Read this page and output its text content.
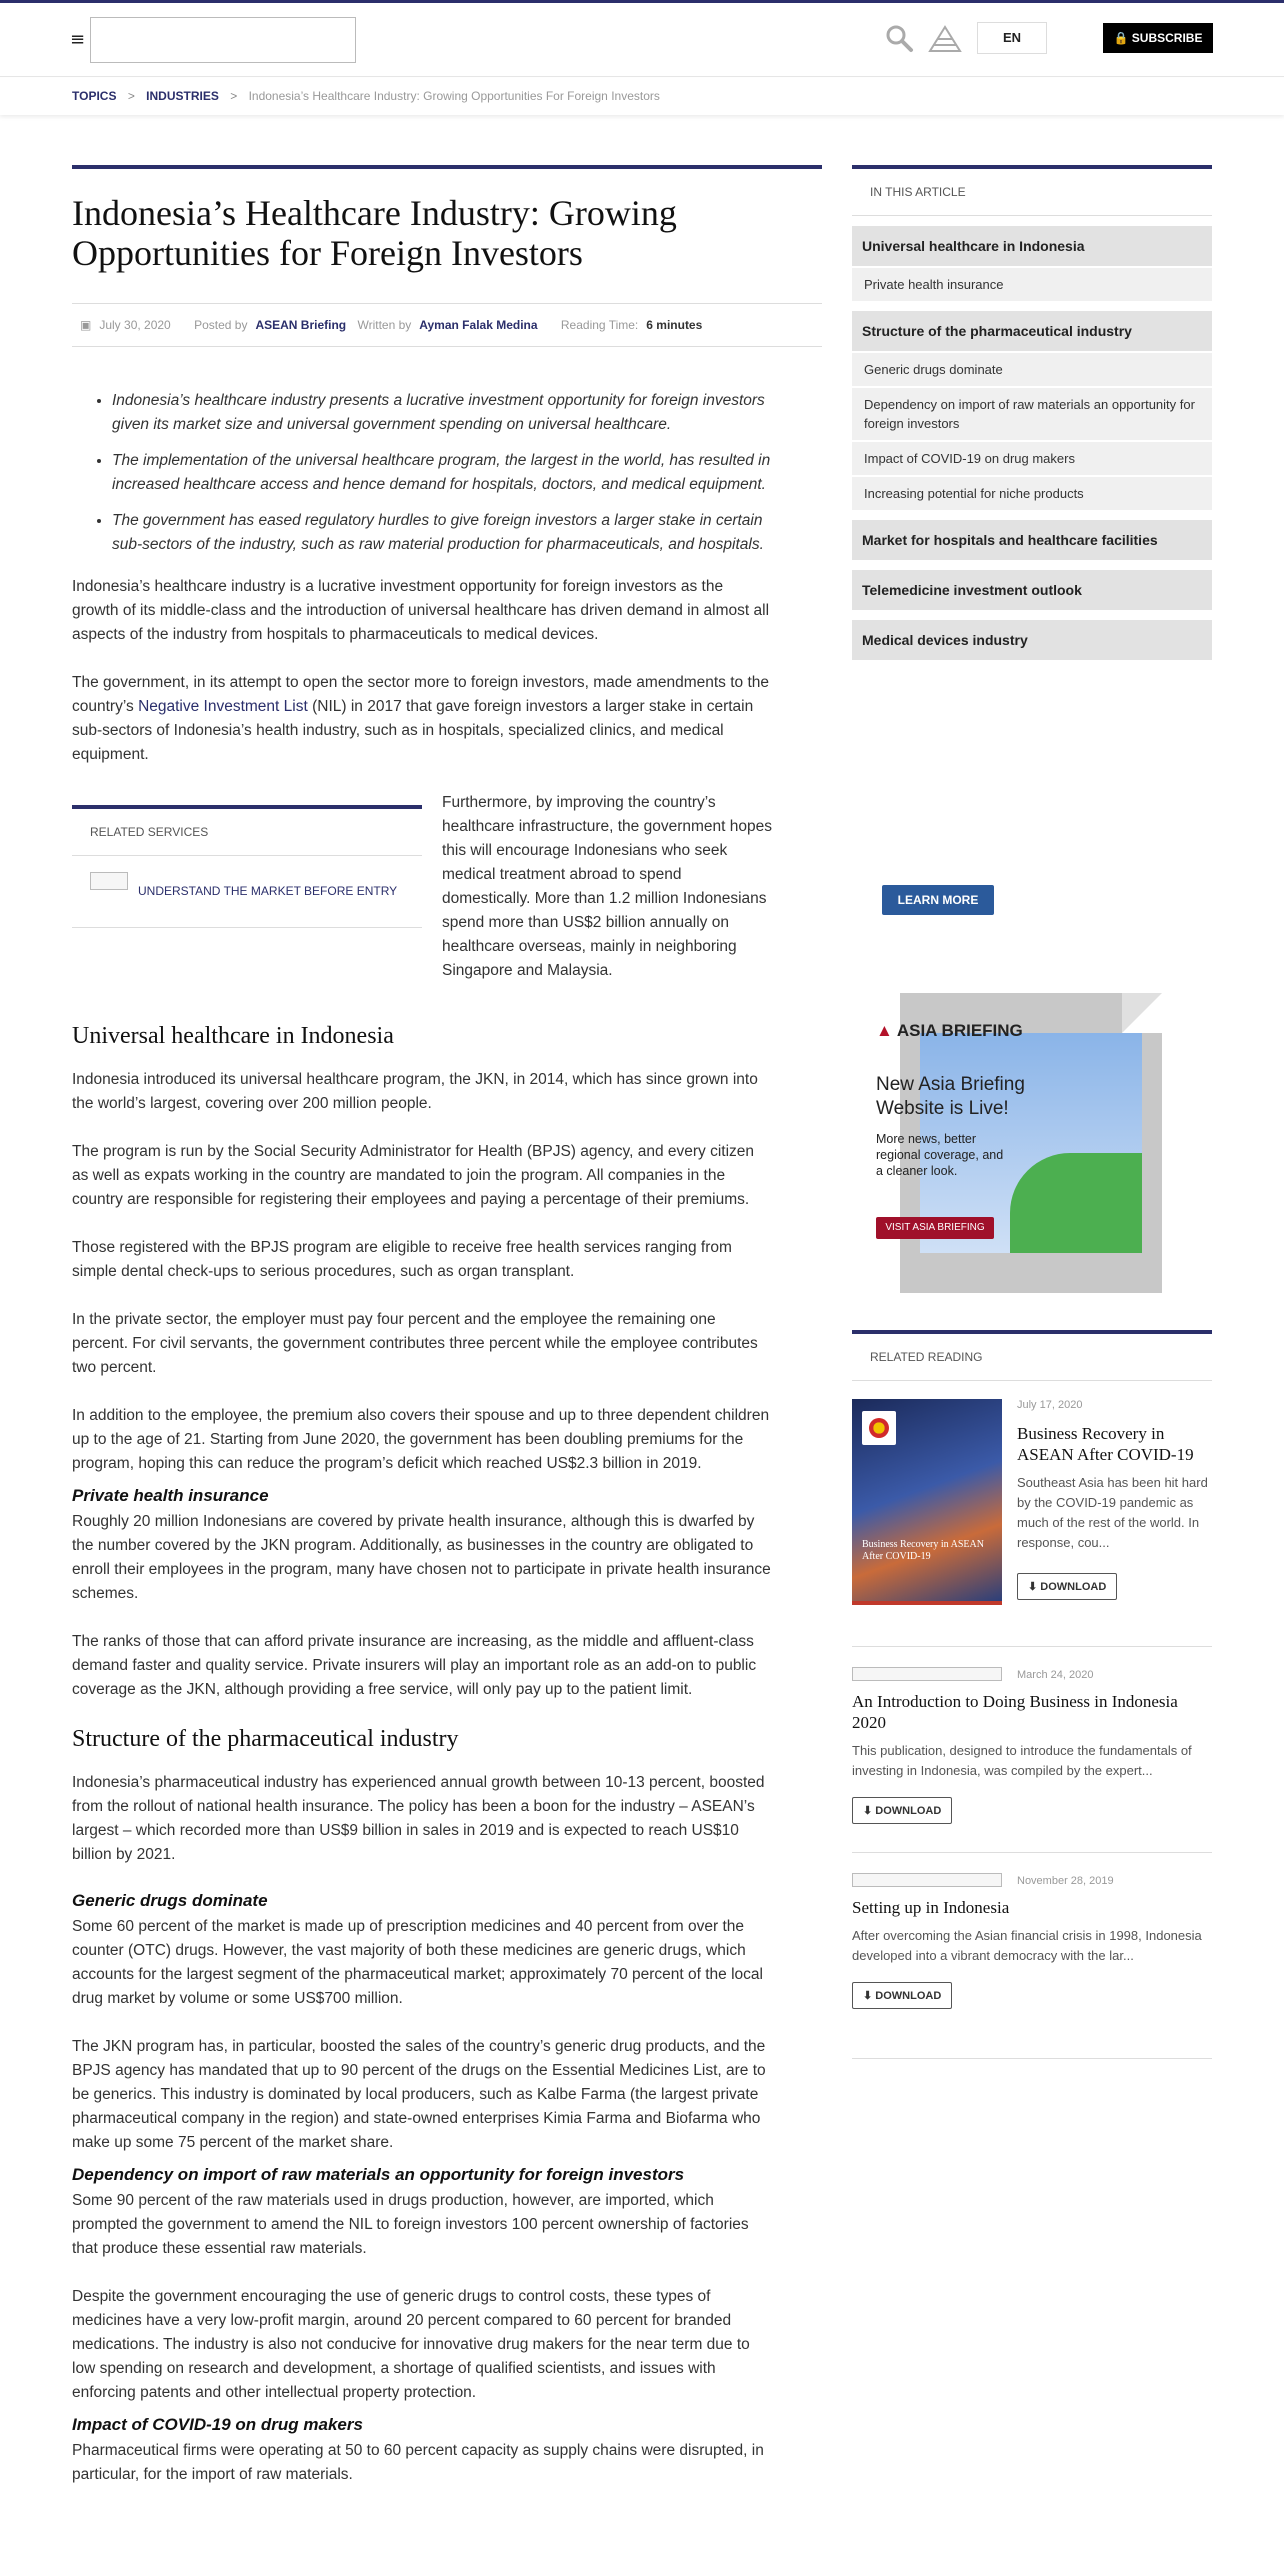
≡	EN	🔒 SUBSCRIBE
TOPICS > INDUSTRIES > Indonesia’s Healthcare Industry: Growing Opportunities For Foreign Investors
Indonesia’s Healthcare Industry: Growing Opportunities for Foreign Investors
▣ July 30, 2020 Posted by ASEAN Briefing Written by Ayman Falak Medina Reading Time: 6 minutes
• Indonesia’s healthcare industry presents a lucrative investment opportunity for foreign investors given its market size and universal government spending on universal healthcare.
• The implementation of the universal healthcare program, the largest in the world, has resulted in increased healthcare access and hence demand for hospitals, doctors, and medical equipment.
• The government has eased regulatory hurdles to give foreign investors a larger stake in certain sub-sectors of the industry, such as raw material production for pharmaceuticals, and hospitals.

Indonesia’s healthcare industry is a lucrative investment opportunity for foreign investors as the growth of its middle-class and the introduction of universal healthcare has driven demand in almost all aspects of the industry from hospitals to pharmaceuticals to medical devices.

The government, in its attempt to open the sector more to foreign investors, made amendments to the country’s Negative Investment List (NIL) in 2017 that gave foreign investors a larger stake in certain sub-sectors of Indonesia’s health industry, such as in hospitals, specialized clinics, and medical equipment.

RELATED SERVICES
UNDERSTAND THE MARKET BEFORE ENTRY
Furthermore, by improving the country’s healthcare infrastructure, the government hopes this will encourage Indonesians who seek medical treatment abroad to spend domestically. More than 1.2 million Indonesians spend more than US$2 billion annually on healthcare overseas, mainly in neighboring Singapore and Malaysia.
Universal healthcare in Indonesia

Indonesia introduced its universal healthcare program, the JKN, in 2014, which has since grown into the world’s largest, covering over 200 million people.

The program is run by the Social Security Administrator for Health (BPJS) agency, and every citizen as well as expats working in the country are mandated to join the program. All companies in the country are responsible for registering their employees and paying a percentage of their premiums.

Those registered with the BPJS program are eligible to receive free health services ranging from simple dental check-ups to serious procedures, such as organ transplant.

In the private sector, the employer must pay four percent and the employee the remaining one percent. For civil servants, the government contributes three percent while the employee contributes two percent.

In addition to the employee, the premium also covers their spouse and up to three dependent children up to the age of 21. Starting from June 2020, the government has been doubling premiums for the program, hoping this can reduce the program’s deficit which reached US$2.3 billion in 2019.

Private health insurance

Roughly 20 million Indonesians are covered by private health insurance, although this is dwarfed by the number covered by the JKN program. Additionally, as businesses in the country are obligated to enroll their employees in the program, many have chosen not to participate in private health insurance schemes.

The ranks of those that can afford private insurance are increasing, as the middle and affluent-class demand faster and quality service. Private insurers will play an important role as an add-on to public coverage as the JKN, although providing a free service, will only pay up to the patient limit.

Structure of the pharmaceutical industry

Indonesia’s pharmaceutical industry has experienced annual growth between 10-13 percent, boosted from the rollout of national health insurance. The policy has been a boon for the industry – ASEAN’s largest – which recorded more than US$9 billion in sales in 2019 and is expected to reach US$10 billion by 2021.

Generic drugs dominate

Some 60 percent of the market is made up of prescription medicines and 40 percent from over the counter (OTC) drugs. However, the vast majority of both these medicines are generic drugs, which accounts for the largest segment of the pharmaceutical market; approximately 70 percent of the local drug market by volume or some US$700 million.

The JKN program has, in particular, boosted the sales of the country’s generic drug products, and the BPJS agency has mandated that up to 90 percent of the drugs on the Essential Medicines List, are to be generics. This industry is dominated by local producers, such as Kalbe Farma (the largest private pharmaceutical company in the region) and state-owned enterprises Kimia Farma and Biofarma who make up some 75 percent of the market share.

Dependency on import of raw materials an opportunity for foreign investors

Some 90 percent of the raw materials used in drugs production, however, are imported, which prompted the government to amend the NIL to foreign investors 100 percent ownership of factories that produce these essential raw materials.

Despite the government encouraging the use of generic drugs to control costs, these types of medicines have a very low-profit margin, around 20 percent compared to 60 percent for branded medications. The industry is also not conducive for innovative drug makers for the near term due to low spending on research and development, a shortage of qualified scientists, and issues with enforcing patents and other intellectual property protection.

Impact of COVID-19 on drug makers

Pharmaceutical firms were operating at 50 to 60 percent capacity as supply chains were disrupted, in particular, for the import of raw materials.

IN THIS ARTICLE
Universal healthcare in Indonesia
Private health insurance
Structure of the pharmaceutical industry
Generic drugs dominate
Dependency on import of raw materials an opportunity for foreign investors
Impact of COVID-19 on drug makers
Increasing potential for niche products
Market for hospitals and healthcare facilities
Telemedicine investment outlook
Medical devices industry
LEARN MORE
▲ ASIA BRIEFING
New Asia Briefing Website is Live!
More news, better regional coverage, and a cleaner look.
VISIT ASIA BRIEFING
RELATED READING
Business Recovery in ASEAN After COVID-19
July 17, 2020
Business Recovery in ASEAN After COVID-19
Southeast Asia has been hit hard by the COVID-19 pandemic as much of the rest of the world. In response, cou...
⬇ DOWNLOAD
March 24, 2020
An Introduction to Doing Business in Indonesia 2020
This publication, designed to introduce the fundamentals of investing in Indonesia, was compiled by the expert...
⬇ DOWNLOAD
November 28, 2019
Setting up in Indonesia
After overcoming the Asian financial crisis in 1998, Indonesia developed into a vibrant democracy with the lar...
⬇ DOWNLOAD
